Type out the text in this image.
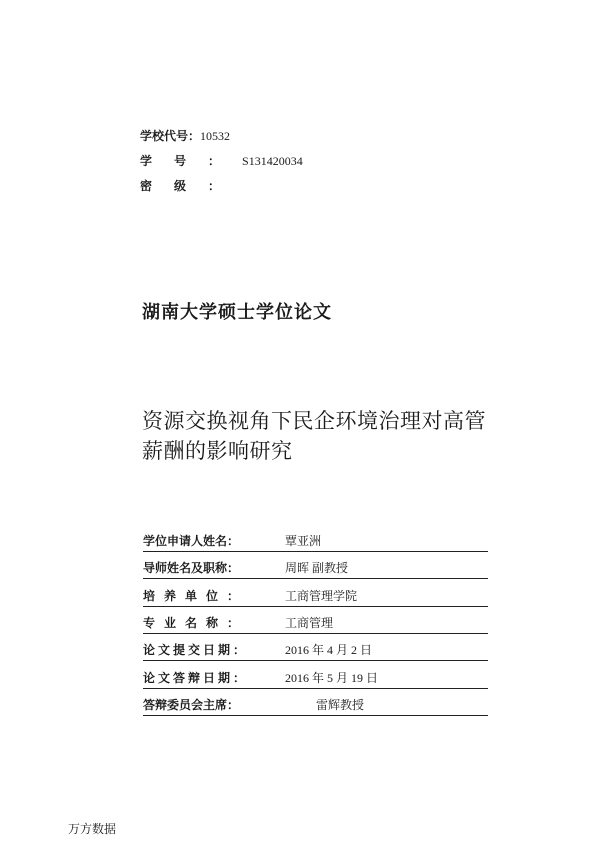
学校代号：10532
学号：S131420034
密级：
湖南大学硕士学位论文
资源交换视角下民企环境治理对高管薪酬的影响研究
学位申请人姓名：	覃亚洲
导师姓名及职称：	周晖 副教授
培养单位：	工商管理学院
专业名称：	工商管理
论文提交日期：	2016 年 4 月 2 日
论文答辩日期：	2016 年 5 月 19 日
答辩委员会主席：	雷辉教授
万方数据
